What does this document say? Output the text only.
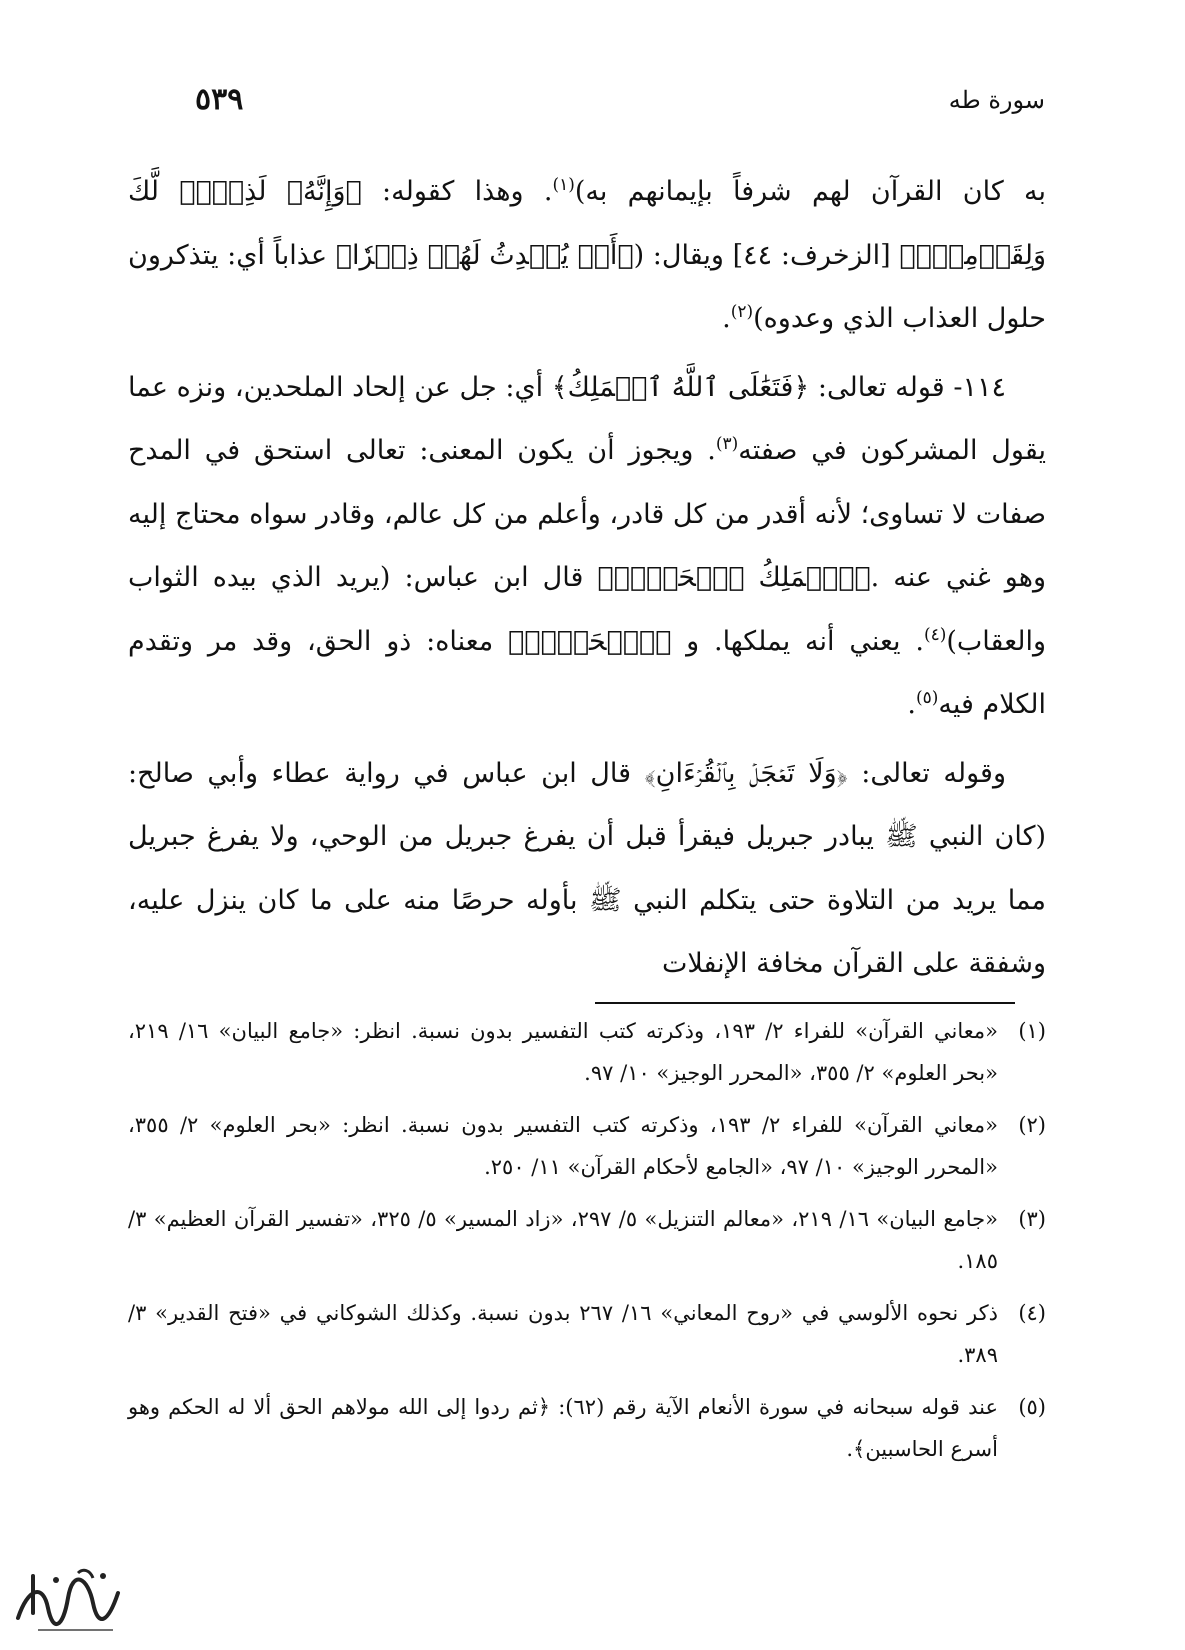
٥٣٩	سورة طه

به كان القرآن لهم شرفاً بإيمانهم به)$^{(١)}$. وهذا كقوله: ﴿وَإِنَّهُۥ لَذِكۡرٞ لَّكَ وَلِقَوۡمِكَۖ﴾ [الزخرف: ٤٤] ويقال: (﴿أَوۡ يُحۡدِثُ لَهُمۡ ذِكۡرٗا﴾ عذاباً أي: يتذكرون حلول العذاب الذي وعدوه)$^{(٢)}$.

١١٤- قوله تعالى: ﴿فَتَعَٰلَى ٱللَّهُ ٱلۡمَلِكُ﴾ أي: جل عن إلحاد الملحدين، ونزه عما يقول المشركون في صفته$^{(٣)}$. ويجوز أن يكون المعنى: تعالى استحق في المدح صفات لا تساوى؛ لأنه أقدر من كل قادر، وأعلم من كل عالم، وقادر سواه محتاج إليه وهو غني عنه .﴿ٱلۡمَلِكُ ٱلۡحَقُّۗ﴾ قال ابن عباس: (يريد الذي بيده الثواب والعقاب)$^{(٤)}$. يعني أنه يملكها. و ﴿ٱلۡحَقُّۗ﴾ معناه: ذو الحق، وقد مر وتقدم الكلام فيه$^{(٥)}$.

وقوله تعالى: ﴿وَلَا تَعۡجَلۡ بِٱلۡقُرۡءَانِ﴾ قال ابن عباس في رواية عطاء وأبي صالح: (كان النبي ﷺ يبادر جبريل فيقرأ قبل أن يفرغ جبريل من الوحي، ولا يفرغ جبريل مما يريد من التلاوة حتى يتكلم النبي ﷺ بأوله حرصًا منه على ما كان ينزل عليه، وشفقة على القرآن مخافة الإنفلات

(١)
«معاني القرآن» للفراء ٢/ ١٩٣، وذكرته كتب التفسير بدون نسبة. انظر: «جامع البيان» ١٦/ ٢١٩، «بحر العلوم» ٢/ ٣٥٥، «المحرر الوجيز» ١٠/ ٩٧.
(٢)
«معاني القرآن» للفراء ٢/ ١٩٣، وذكرته كتب التفسير بدون نسبة. انظر: «بحر العلوم» ٢/ ٣٥٥، «المحرر الوجيز» ١٠/ ٩٧، «الجامع لأحكام القرآن» ١١/ ٢٥٠.
(٣)
«جامع البيان» ١٦/ ٢١٩، «معالم التنزيل» ٥/ ٢٩٧، «زاد المسير» ٥/ ٣٢٥، «تفسير القرآن العظيم» ٣/ ١٨٥.
(٤)
ذكر نحوه الألوسي في «روح المعاني» ١٦/ ٢٦٧ بدون نسبة. وكذلك الشوكاني في «فتح القدير» ٣/ ٣٨٩.
(٥)
عند قوله سبحانه في سورة الأنعام الآية رقم (٦٢): ﴿ثم ردوا إلى الله مولاهم الحق ألا له الحكم وهو أسرع الحاسبين﴾.
